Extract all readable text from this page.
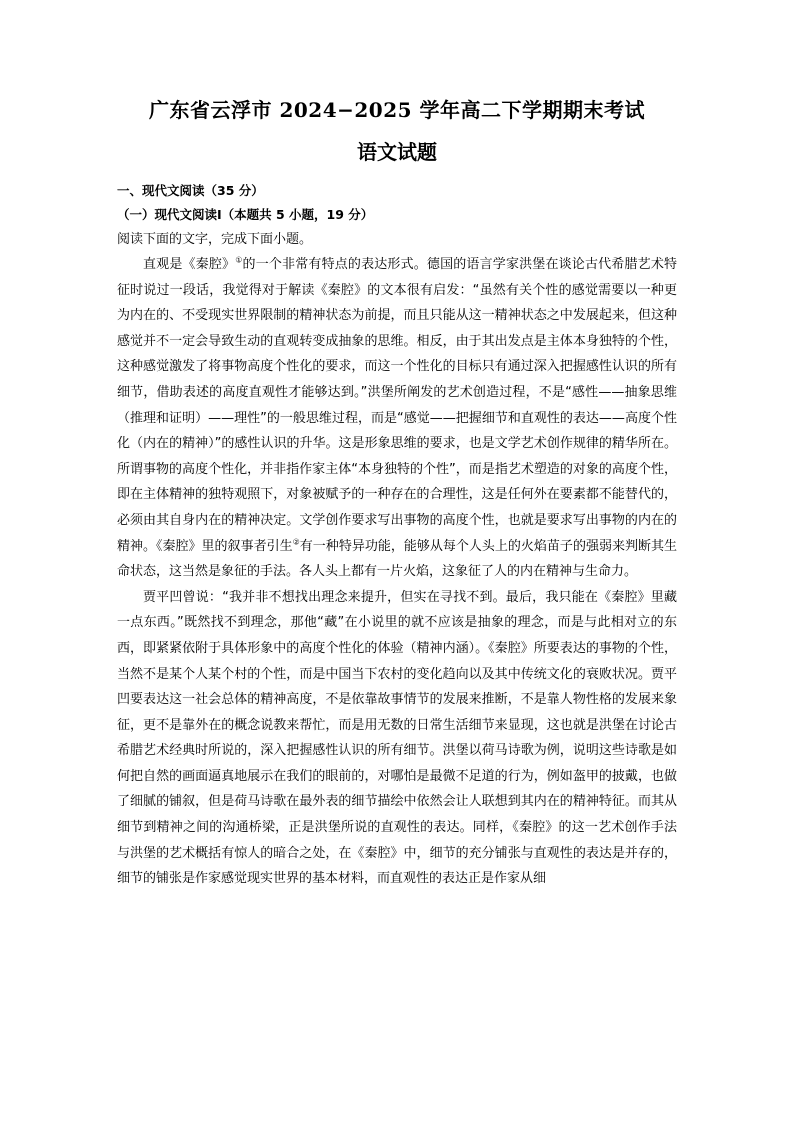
广东省云浮市 2024−2025 学年高二下学期期末考试
语文试题
一、现代文阅读（35 分）
（一）现代文阅读Ⅰ（本题共 5 小题，19 分）
阅读下面的文字，完成下面小题。

直观是《秦腔》①的一个非常有特点的表达形式。德国的语言学家洪堡在谈论古代希腊艺术特征时说过一段话，我觉得对于解读《秦腔》的文本很有启发：“虽然有关个性的感觉需要以一种更为内在的、不受现实世界限制的精神状态为前提，而且只能从这一精神状态之中发展起来，但这种感觉并不一定会导致生动的直观转变成抽象的思维。相反，由于其出发点是主体本身独特的个性，这种感觉激发了将事物高度个性化的要求，而这一个性化的目标只有通过深入把握感性认识的所有细节，借助表述的高度直观性才能够达到。”洪堡所阐发的艺术创造过程，不是“感性——抽象思维（推理和证明）——理性”的一般思维过程，而是“感觉——把握细节和直观性的表达——高度个性化（内在的精神）”的感性认识的升华。这是形象思维的要求，也是文学艺术创作规律的精华所在。所谓事物的高度个性化，并非指作家主体“本身独特的个性”，而是指艺术塑造的对象的高度个性，即在主体精神的独特观照下，对象被赋予的一种存在的合理性，这是任何外在要素都不能替代的，必须由其自身内在的精神决定。文学创作要求写出事物的高度个性，也就是要求写出事物的内在的精神。《秦腔》里的叙事者引生②有一种特异功能，能够从每个人头上的火焰苗子的强弱来判断其生命状态，这当然是象征的手法。各人头上都有一片火焰，这象征了人的内在精神与生命力。

贾平凹曾说：“我并非不想找出理念来提升，但实在寻找不到。最后，我只能在《秦腔》里藏一点东西。”既然找不到理念，那他“藏”在小说里的就不应该是抽象的理念，而是与此相对立的东西，即紧紧依附于具体形象中的高度个性化的体验（精神内涵）。《秦腔》所要表达的事物的个性，当然不是某个人某个村的个性，而是中国当下农村的变化趋向以及其中传统文化的衰败状况。贾平凹要表达这一社会总体的精神高度，不是依靠故事情节的发展来推断，不是靠人物性格的发展来象征，更不是靠外在的概念说教来帮忙，而是用无数的日常生活细节来显现，这也就是洪堡在讨论古希腊艺术经典时所说的，深入把握感性认识的所有细节。洪堡以荷马诗歌为例，说明这些诗歌是如何把自然的画面逼真地展示在我们的眼前的，对哪怕是最微不足道的行为，例如盔甲的披戴，也做了细腻的铺叙，但是荷马诗歌在最外表的细节描绘中依然会让人联想到其内在的精神特征。而其从细节到精神之间的沟通桥梁，正是洪堡所说的直观性的表达。同样，《秦腔》的这一艺术创作手法与洪堡的艺术概括有惊人的暗合之处，在《秦腔》中，细节的充分铺张与直观性的表达是并存的，细节的铺张是作家感觉现实世界的基本材料，而直观性的表达正是作家从细
